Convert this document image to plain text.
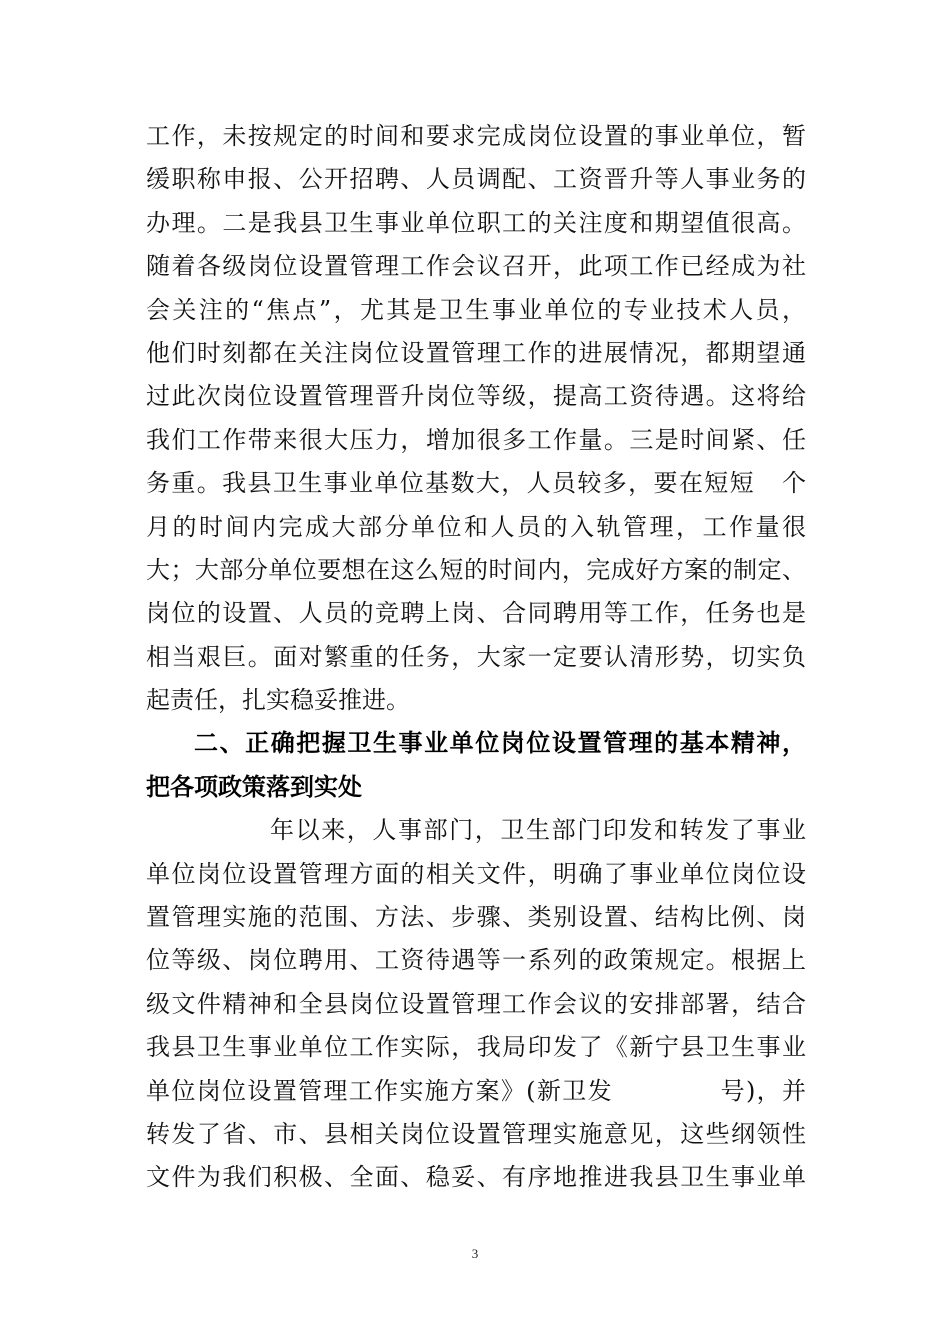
工作，未按规定的时间和要求完成岗位设置的事业单位，暂
缓职称申报、公开招聘、人员调配、工资晋升等人事业务的
办理。二是我县卫生事业单位职工的关注度和期望值很高。
随着各级岗位设置管理工作会议召开，此项工作已经成为社
会关注的“焦点”，尤其是卫生事业单位的专业技术人员，
他们时刻都在关注岗位设置管理工作的进展情况，都期望通
过此次岗位设置管理晋升岗位等级，提高工资待遇。这将给
我们工作带来很大压力，增加很多工作量。三是时间紧、任
务重。我县卫生事业单位基数大，人员较多，要在短短   个
月的时间内完成大部分单位和人员的入轨管理，工作量很
大；大部分单位要想在这么短的时间内，完成好方案的制定、
岗位的设置、人员的竞聘上岗、合同聘用等工作，任务也是
相当艰巨。面对繁重的任务，大家一定要认清形势，切实负
起责任，扎实稳妥推进。
二、正确把握卫生事业单位岗位设置管理的基本精神，
把各项政策落到实处
年以来，人事部门，卫生部门印发和转发了事业
单位岗位设置管理方面的相关文件，明确了事业单位岗位设
置管理实施的范围、方法、步骤、类别设置、结构比例、岗
位等级、岗位聘用、工资待遇等一系列的政策规定。根据上
级文件精神和全县岗位设置管理工作会议的安排部署，结合
我县卫生事业单位工作实际，我局印发了《新宁县卫生事业
单位岗位设置管理工作实施方案》(新卫发            号)，并
转发了省、市、县相关岗位设置管理实施意见，这些纲领性
文件为我们积极、全面、稳妥、有序地推进我县卫生事业单
3
